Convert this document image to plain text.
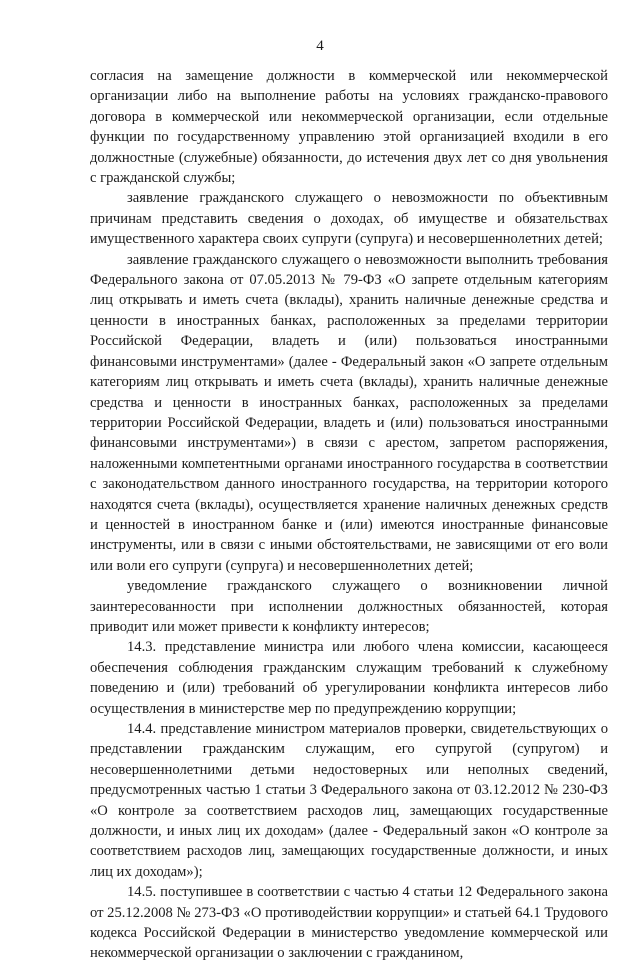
4

согласия на замещение должности в коммерческой или некоммерческой организации либо на выполнение работы на условиях гражданско-правового договора в коммерческой или некоммерческой организации, если отдельные функции по государственному управлению этой организацией входили в его должностные (служебные) обязанности, до истечения двух лет со дня увольнения с гражданской службы;

заявление гражданского служащего о невозможности по объективным причинам представить сведения о доходах, об имуществе и обязательствах имущественного характера своих супруги (супруга) и несовершеннолетних детей;

заявление гражданского служащего о невозможности выполнить требования Федерального закона от 07.05.2013 № 79-ФЗ «О запрете отдельным категориям лиц открывать и иметь счета (вклады), хранить наличные денежные средства и ценности в иностранных банках, расположенных за пределами территории Российской Федерации, владеть и (или) пользоваться иностранными финансовыми инструментами» (далее - Федеральный закон «О запрете отдельным категориям лиц открывать и иметь счета (вклады), хранить наличные денежные средства и ценности в иностранных банках, расположенных за пределами территории Российской Федерации, владеть и (или) пользоваться иностранными финансовыми инструментами») в связи с арестом, запретом распоряжения, наложенными компетентными органами иностранного государства в соответствии с законодательством данного иностранного государства, на территории которого находятся счета (вклады), осуществляется хранение наличных денежных средств и ценностей в иностранном банке и (или) имеются иностранные финансовые инструменты, или в связи с иными обстоятельствами, не зависящими от его воли или воли его супруги (супруга) и несовершеннолетних детей;

уведомление гражданского служащего о возникновении личной заинтересованности при исполнении должностных обязанностей, которая приводит или может привести к конфликту интересов;

14.3. представление министра или любого члена комиссии, касающееся обеспечения соблюдения гражданским служащим требований к служебному поведению и (или) требований об урегулировании конфликта интересов либо осуществления в министерстве мер по предупреждению коррупции;

14.4. представление министром материалов проверки, свидетельствующих о представлении гражданским служащим, его супругой (супругом) и несовершеннолетними детьми недостоверных или неполных сведений, предусмотренных частью 1 статьи 3 Федерального закона от 03.12.2012 № 230-ФЗ «О контроле за соответствием расходов лиц, замещающих государственные должности, и иных лиц их доходам» (далее - Федеральный закон «О контроле за соответствием расходов лиц, замещающих государственные должности, и иных лиц их доходам»);

14.5. поступившее в соответствии с частью 4 статьи 12 Федерального закона от 25.12.2008 № 273-ФЗ «О противодействии коррупции» и статьей 64.1 Трудового кодекса Российской Федерации в министерство уведомление коммерческой или некоммерческой организации о заключении с гражданином,
